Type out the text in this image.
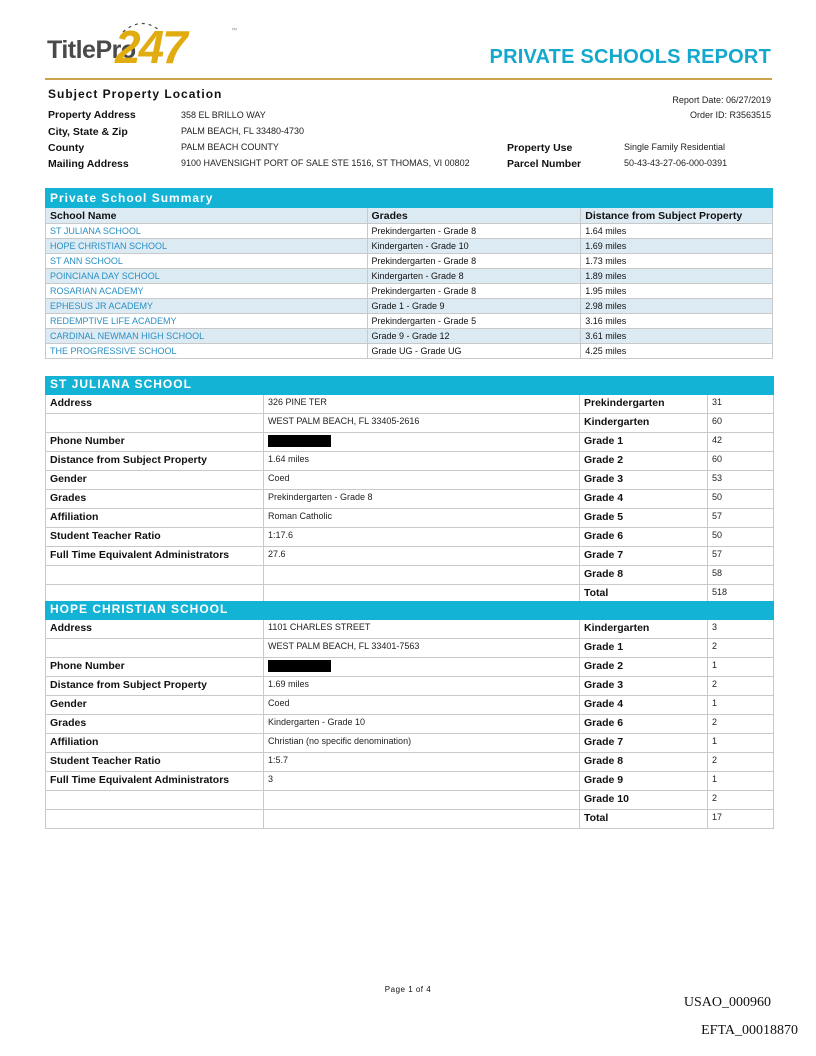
TitlePro
247	™
PRIVATE SCHOOLS REPORT
Subject Property Location	Report Date: 06/27/2019
Order ID: R3563515
Property Address	358 EL BRILLO WAY
City, State & Zip	PALM BEACH, FL 33480-4730
County	PALM BEACH COUNTY
Mailing Address	9100 HAVENSIGHT PORT OF SALE STE 1516, ST THOMAS, VI 00802
Property Use	Single Family Residential
Parcel Number	50-43-43-27-06-000-0391
Private School Summary		
School Name	Grades	Distance from Subject Property
ST JULIANA SCHOOL	Prekindergarten - Grade 8	1.64 miles
HOPE CHRISTIAN SCHOOL	Kindergarten - Grade 10	1.69 miles
ST ANN SCHOOL	Prekindergarten - Grade 8	1.73 miles
POINCIANA DAY SCHOOL	Kindergarten - Grade 8	1.89 miles
ROSARIAN ACADEMY	Prekindergarten - Grade 8	1.95 miles
EPHESUS JR ACADEMY	Grade 1 - Grade 9	2.98 miles
REDEMPTIVE LIFE ACADEMY	Prekindergarten - Grade 5	3.16 miles
CARDINAL NEWMAN HIGH SCHOOL	Grade 9 - Grade 12	3.61 miles
THE PROGRESSIVE SCHOOL	Grade UG - Grade UG	4.25 miles
ST JULIANA SCHOOL			
Address	326 PINE TER	Prekindergarten	31
	WEST PALM BEACH, FL 33405-2616	Kindergarten	60
Phone Number		Grade 1	42
Distance from Subject Property	1.64 miles	Grade 2	60
Gender	Coed	Grade 3	53
Grades	Prekindergarten - Grade 8	Grade 4	50
Affiliation	Roman Catholic	Grade 5	57
Student Teacher Ratio	1:17.6	Grade 6	50
Full Time Equivalent Administrators	27.6	Grade 7	57
		Grade 8	58
		Total	518
HOPE CHRISTIAN SCHOOL			
Address	1101 CHARLES STREET	Kindergarten	3
	WEST PALM BEACH, FL 33401-7563	Grade 1	2
Phone Number		Grade 2	1
Distance from Subject Property	1.69 miles	Grade 3	2
Gender	Coed	Grade 4	1
Grades	Kindergarten - Grade 10	Grade 6	2
Affiliation	Christian (no specific denomination)	Grade 7	1
Student Teacher Ratio	1:5.7	Grade 8	2
Full Time Equivalent Administrators	3	Grade 9	1
		Grade 10	2
		Total	17
Page 1 of 4
USAO_000960
EFTA_00018870
